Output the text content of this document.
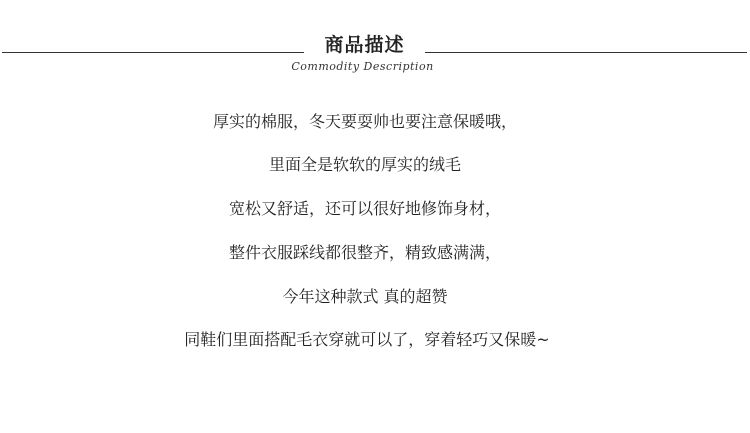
商品描述
Commodity Description
厚实的棉服，冬天要耍帅也要注意保暖哦，
里面全是软软的厚实的绒毛
宽松又舒适，还可以很好地修饰身材，
整件衣服踩线都很整齐，精致感满满，
今年这种款式 真的超赞
同鞋们里面搭配毛衣穿就可以了，穿着轻巧又保暖~
